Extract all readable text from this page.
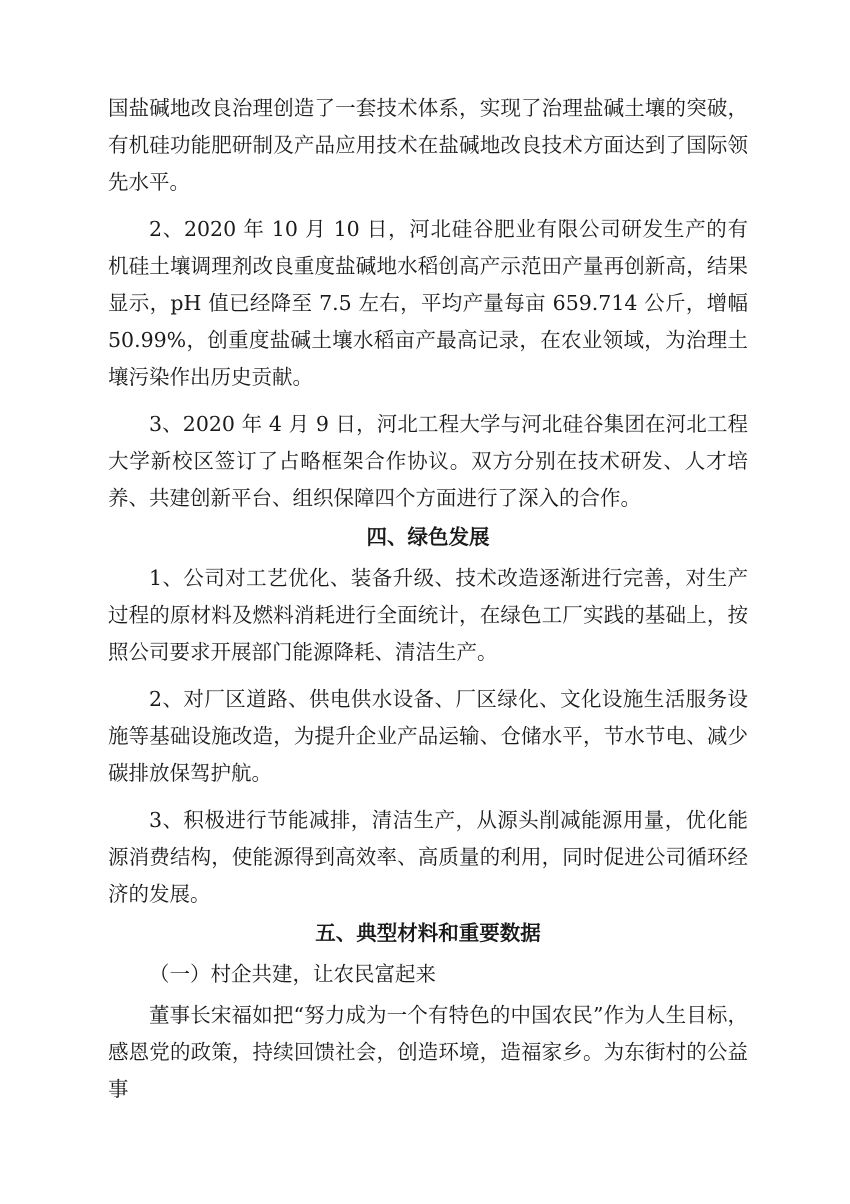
国盐碱地改良治理创造了一套技术体系，实现了治理盐碱土壤的突破，有机硅功能肥研制及产品应用技术在盐碱地改良技术方面达到了国际领先水平。

2、2020 年 10 月 10 日，河北硅谷肥业有限公司研发生产的有机硅土壤调理剂改良重度盐碱地水稻创高产示范田产量再创新高，结果显示，pH 值已经降至 7.5 左右，平均产量每亩 659.714 公斤，增幅 50.99%，创重度盐碱土壤水稻亩产最高记录，在农业领域，为治理土壤污染作出历史贡献。

3、2020 年 4 月 9 日，河北工程大学与河北硅谷集团在河北工程大学新校区签订了占略框架合作协议。双方分别在技术研发、人才培养、共建创新平台、组织保障四个方面进行了深入的合作。

四、绿色发展

1、公司对工艺优化、装备升级、技术改造逐渐进行完善，对生产过程的原材料及燃料消耗进行全面统计，在绿色工厂实践的基础上，按照公司要求开展部门能源降耗、清洁生产。

2、对厂区道路、供电供水设备、厂区绿化、文化设施生活服务设施等基础设施改造，为提升企业产品运输、仓储水平，节水节电、减少碳排放保驾护航。

3、积极进行节能减排，清洁生产，从源头削减能源用量，优化能源消费结构，使能源得到高效率、高质量的利用，同时促进公司循环经济的发展。

五、典型材料和重要数据

（一）村企共建，让农民富起来

董事长宋福如把“努力成为一个有特色的中国农民”作为人生目标，感恩党的政策，持续回馈社会，创造环境，造福家乡。为东街村的公益事
